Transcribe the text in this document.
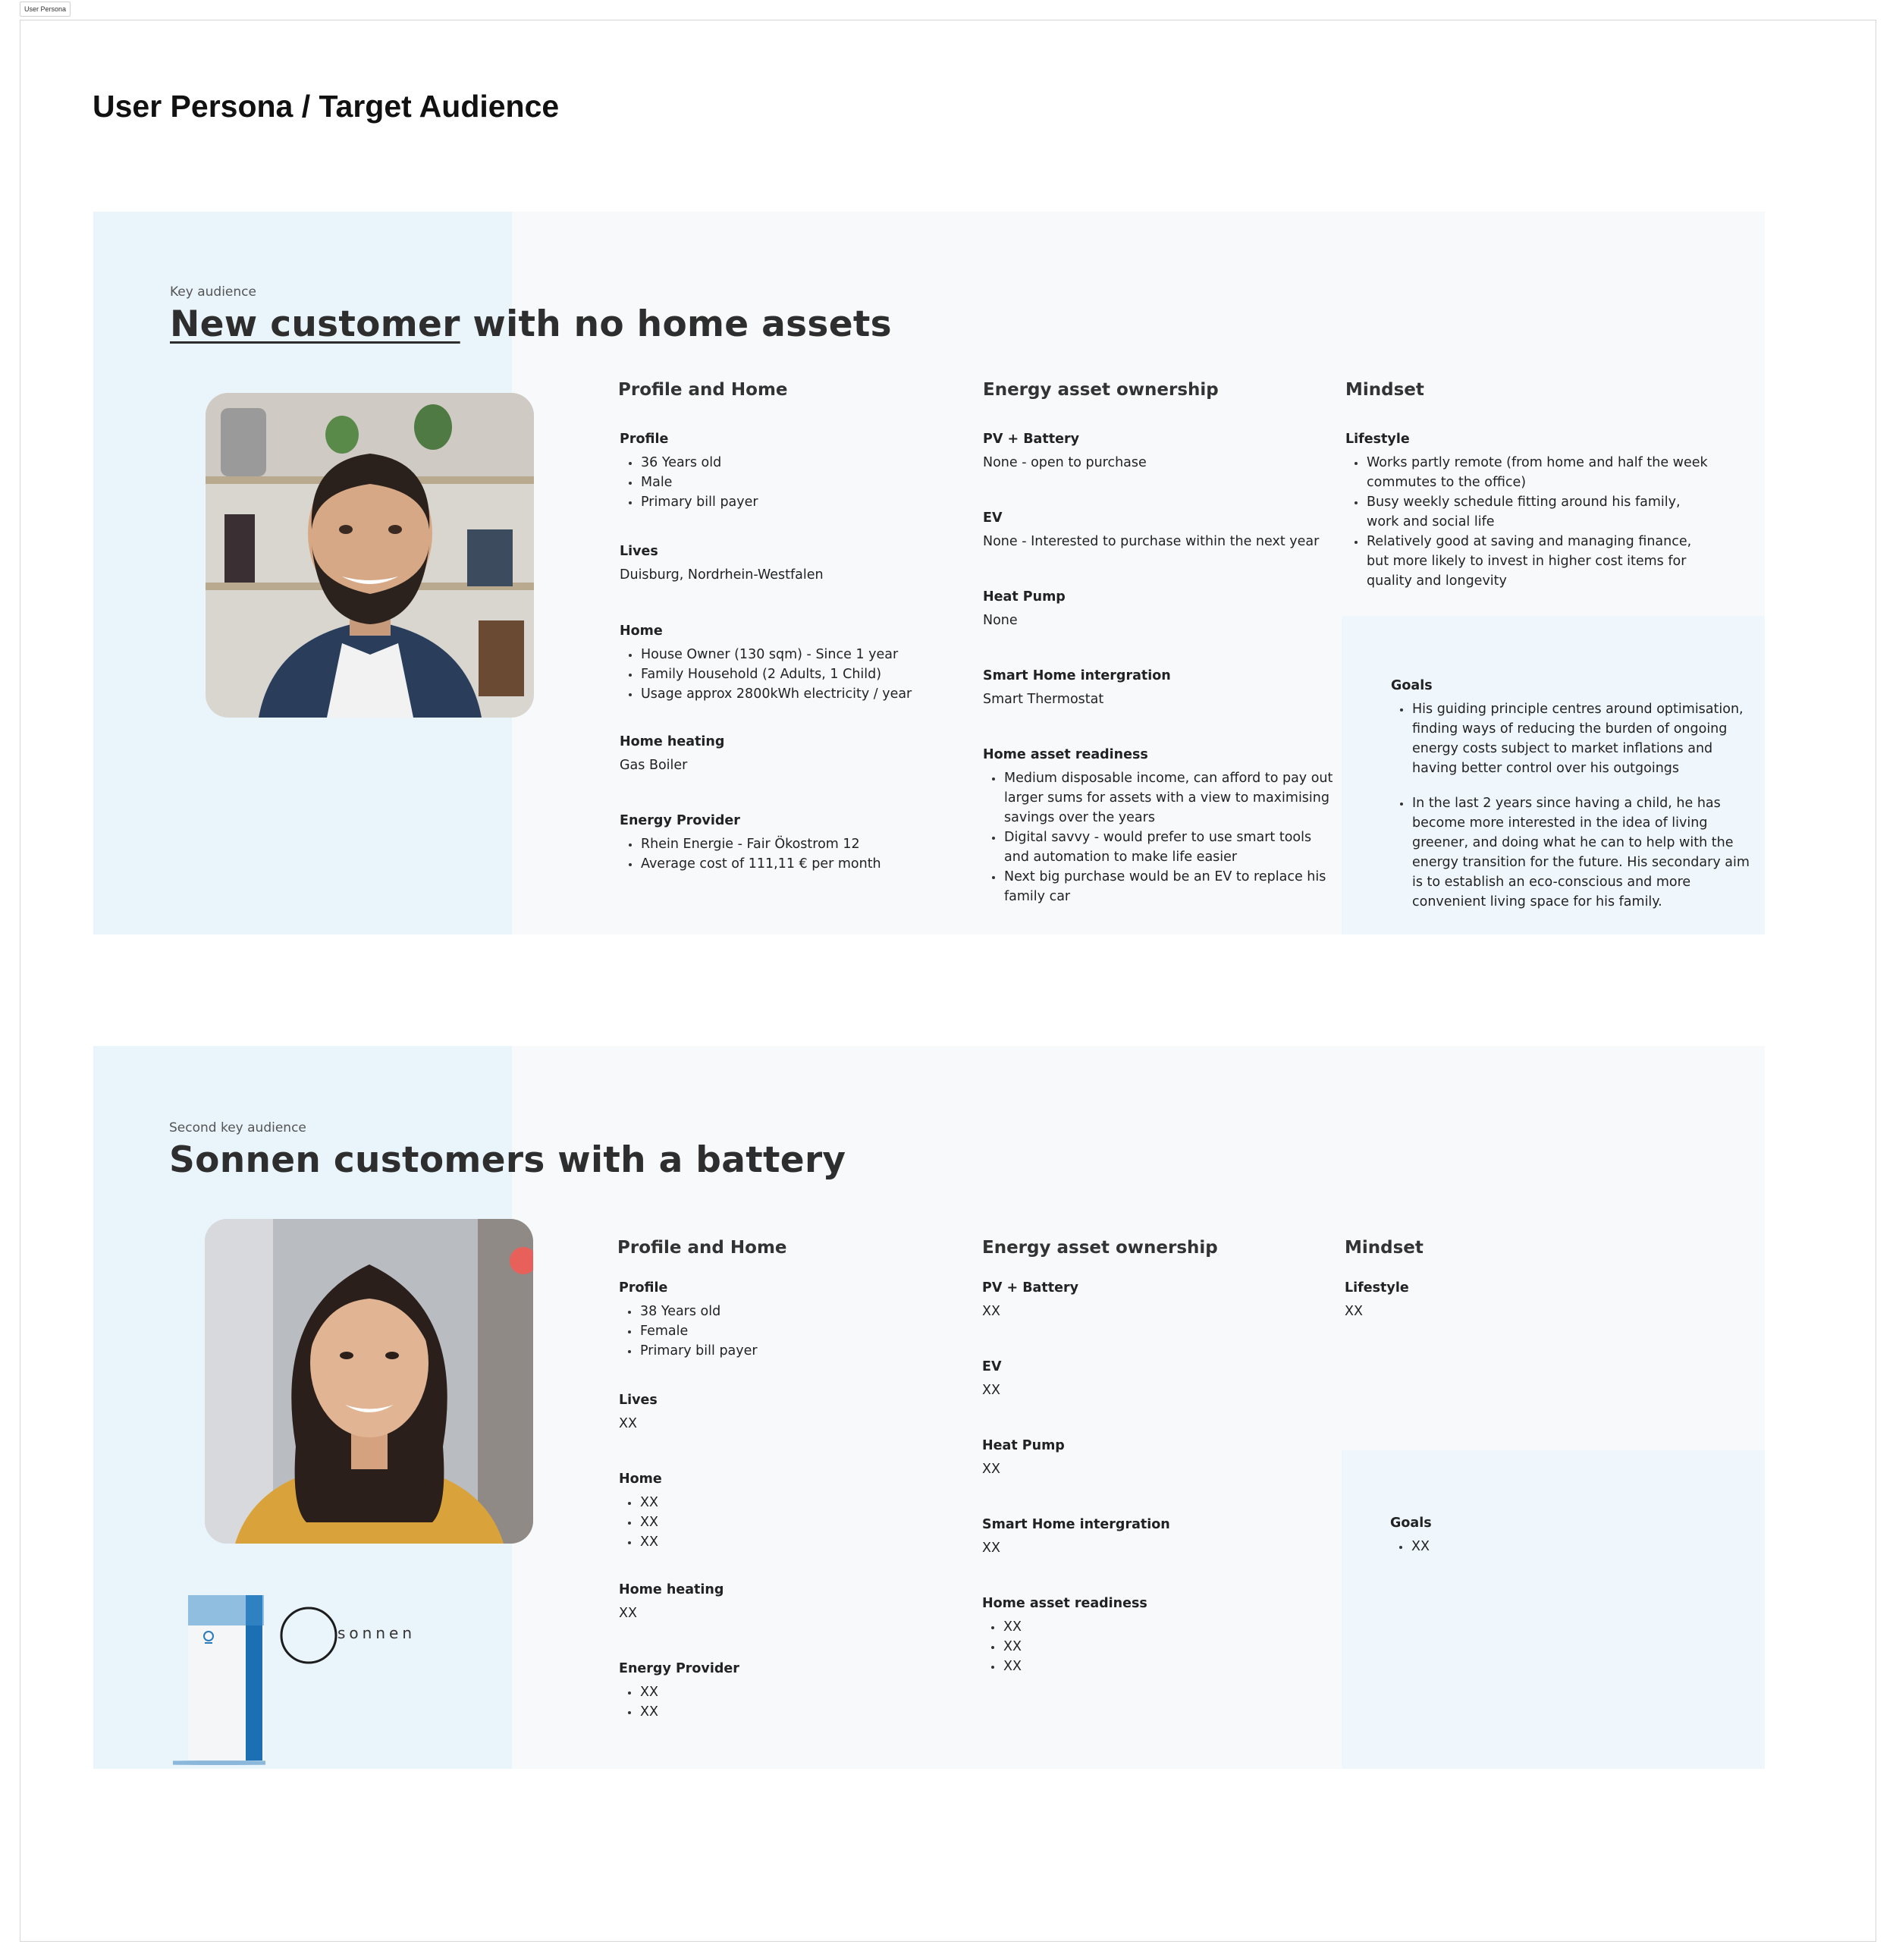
User Persona
User Persona / Target Audience
Key audience
New customer with no home assets
Profile and Home
Profile
36 Years old
Male
Primary bill payer
Lives
Duisburg, Nordrhein-Westfalen
Home
House Owner (130 sqm) - Since 1 year
Family Household (2 Adults, 1 Child)
Usage approx 2800kWh electricity / year
Home heating
Gas Boiler
Energy Provider
Rhein Energie - Fair Ökostrom 12
Average cost of 111,11 € per month
Energy asset ownership
PV + Battery
None - open to purchase
EV
None - Interested to purchase within the next year
Heat Pump
None
Smart Home intergration
Smart Thermostat
Home asset readiness
Medium disposable income, can afford to pay out larger sums for assets with a view to maximising savings over the years
Digital savvy - would prefer to use smart tools and automation to make life easier
Next big purchase would be an EV to replace his family car
Mindset
Lifestyle
Works partly remote (from home and half the week commutes to the office)
Busy weekly schedule fitting around his family, work and social life
Relatively good at saving and managing finance, but more likely to invest in higher cost items for quality and longevity
Goals
His guiding principle centres around optimisation, finding ways of reducing the burden of ongoing energy costs subject to market inflations and having better control over his outgoings
In the last 2 years since having a child, he has become more interested in the idea of living greener, and doing what he can to help with the energy transition for the future. His secondary aim is to establish an eco-conscious and more convenient living space for his family.
Second key audience
Sonnen customers with a battery
sonnen
Profile and Home
Profile
38 Years old
Female
Primary bill payer
Lives
XX
Home
XX
XX
XX
Home heating
XX
Energy Provider
XX
XX
Energy asset ownership
PV + Battery
XX
EV
XX
Heat Pump
XX
Smart Home intergration
XX
Home asset readiness
XX
XX
XX
Mindset
Lifestyle
XX
Goals
XX
